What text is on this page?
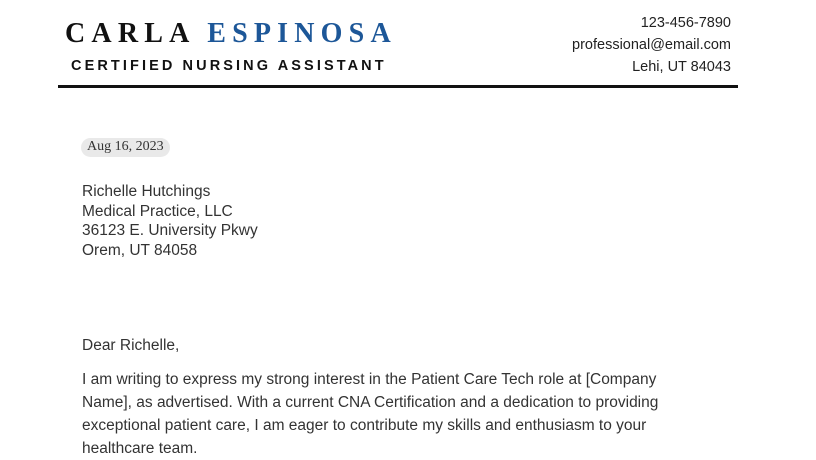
CARLA ESPINOSA
CERTIFIED NURSING ASSISTANT
123-456-7890
professional@email.com
Lehi, UT 84043
Aug 16, 2023
Richelle Hutchings
Medical Practice, LLC
36123 E. University Pkwy
Orem, UT 84058
Dear Richelle,
I am writing to express my strong interest in the Patient Care Tech role at [Company
Name], as advertised. With a current CNA Certification and a dedication to providing
exceptional patient care, I am eager to contribute my skills and enthusiasm to your
healthcare team.
